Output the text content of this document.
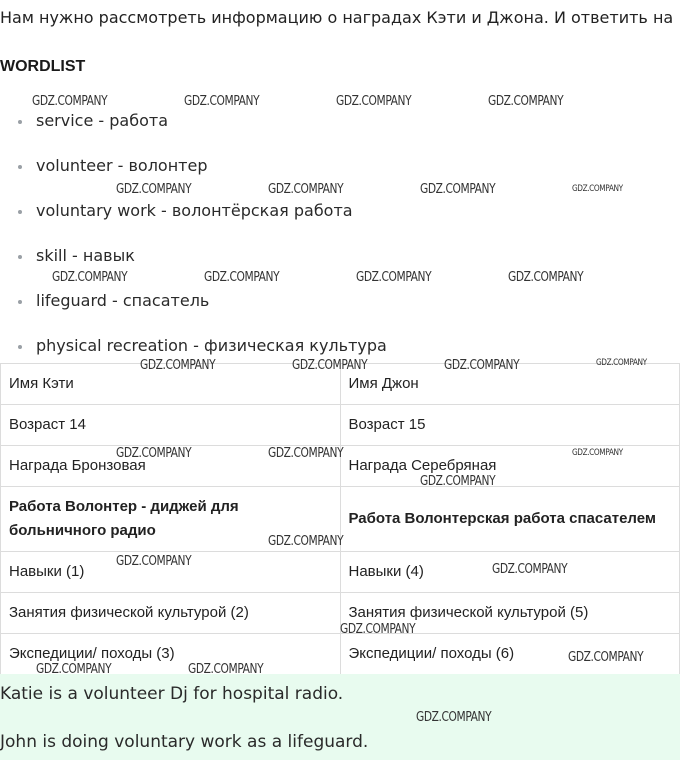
Нам нужно рассмотреть информацию о наградах Кэти и Джона. И ответить на
WORDLIST
service - работа
volunteer - волонтер
voluntary work - волонтёрская работа
skill - навык
lifeguard - спасатель
physical recreation - физическая культура
Имя Кэти	Имя Джон
Возраст 14	Возраст 15
Награда Бронзовая	Награда Серебряная
Работа Волонтер - диджей для больничного радио	Работа Волонтерская работа спасателем
Навыки (1)	Навыки (4)
Занятия физической культурой (2)	Занятия физической культурой (5)
Экспедиции/ походы (3)	Экспедиции/ походы (6)

Katie is a volunteer Dj for hospital radio.

John is doing voluntary work as a lifeguard.

GDZ.COMPANY	GDZ.COMPANY	GDZ.COMPANY	GDZ.COMPANY
GDZ.COMPANY	GDZ.COMPANY	GDZ.COMPANY	GDZ.COMPANY
GDZ.COMPANY	GDZ.COMPANY	GDZ.COMPANY	GDZ.COMPANY
GDZ.COMPANY	GDZ.COMPANY	GDZ.COMPANY	GDZ.COMPANY
GDZ.COMPANY	GDZ.COMPANY
GDZ.COMPANY
GDZ.COMPANY
GDZ.COMPANY
GDZ.COMPANY
GDZ.COMPANY
GDZ.COMPANY
GDZ.COMPANY	GDZ.COMPANY
GDZ.COMPANY
GDZ.COMPANY
